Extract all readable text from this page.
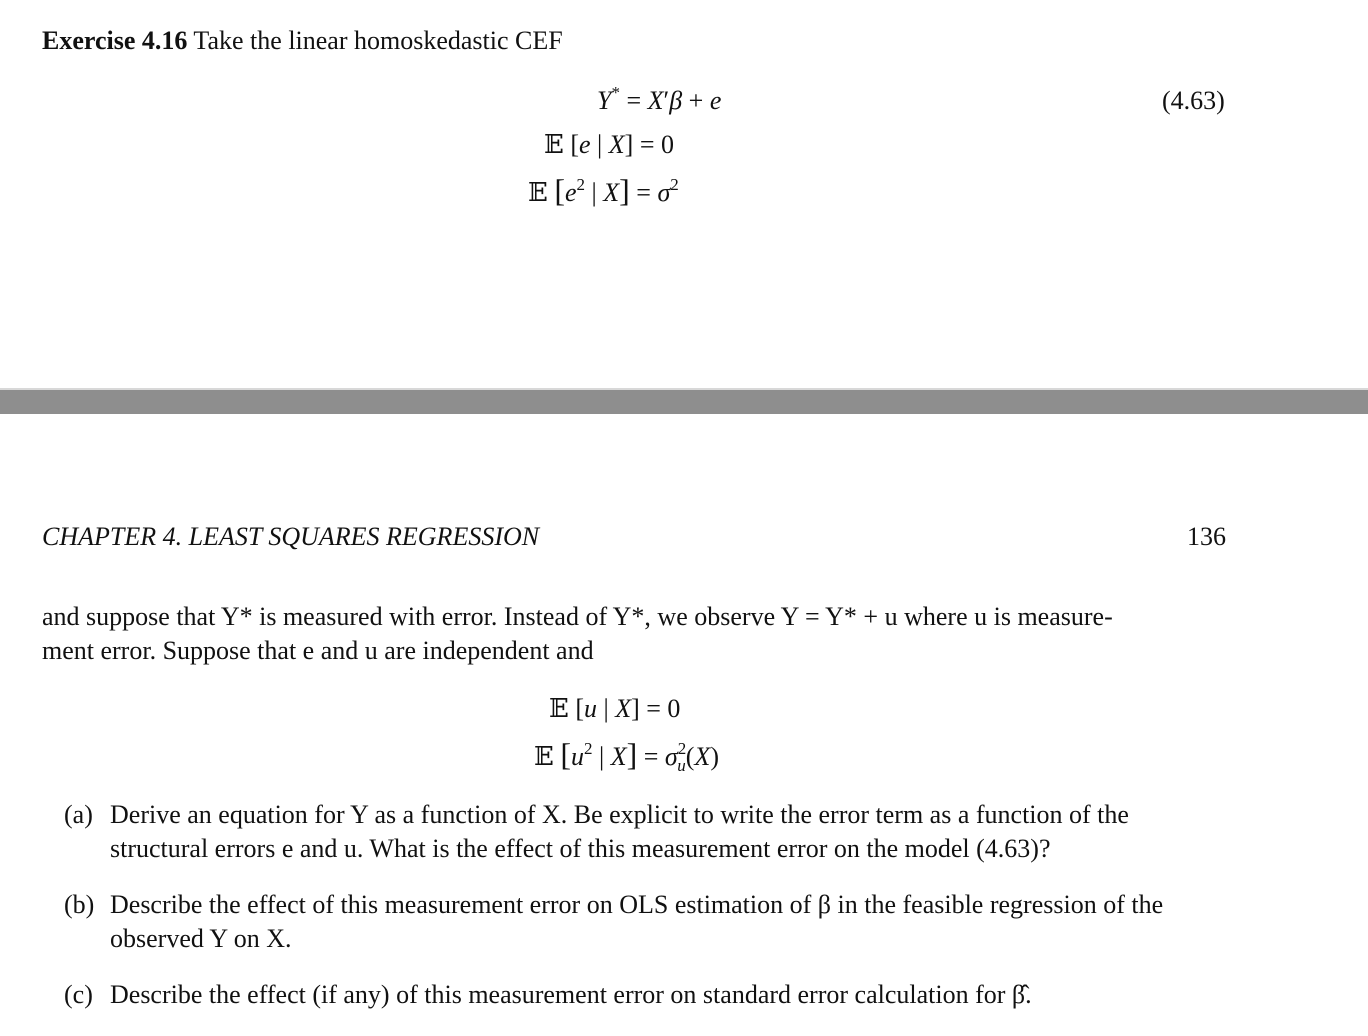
Exercise 4.16 Take the linear homoskedastic CEF
Y* = X′β + e	(4.63)
𝔼 [e | X] = 0
𝔼 [$e^2$ | $X] = \sigma^2$
CHAPTER 4. LEAST SQUARES REGRESSION	136
and suppose that Y* is measured with error. Instead of Y*, we observe Y = Y* + u where u is measure-
ment error. Suppose that e and u are independent and
𝔼 [u | X] = 0
𝔼 [$u^2$ | $X] = \sigma^2_u(X)$
(a) Derive an equation for Y as a function of X. Be explicit to write the error term as a function of the structural errors e and u. What is the effect of this measurement error on the model (4.63)?
(b) Describe the effect of this measurement error on OLS estimation of β in the feasible regression of the observed Y on X.
(c) Describe the effect (if any) of this measurement error on standard error calculation for β̂.
